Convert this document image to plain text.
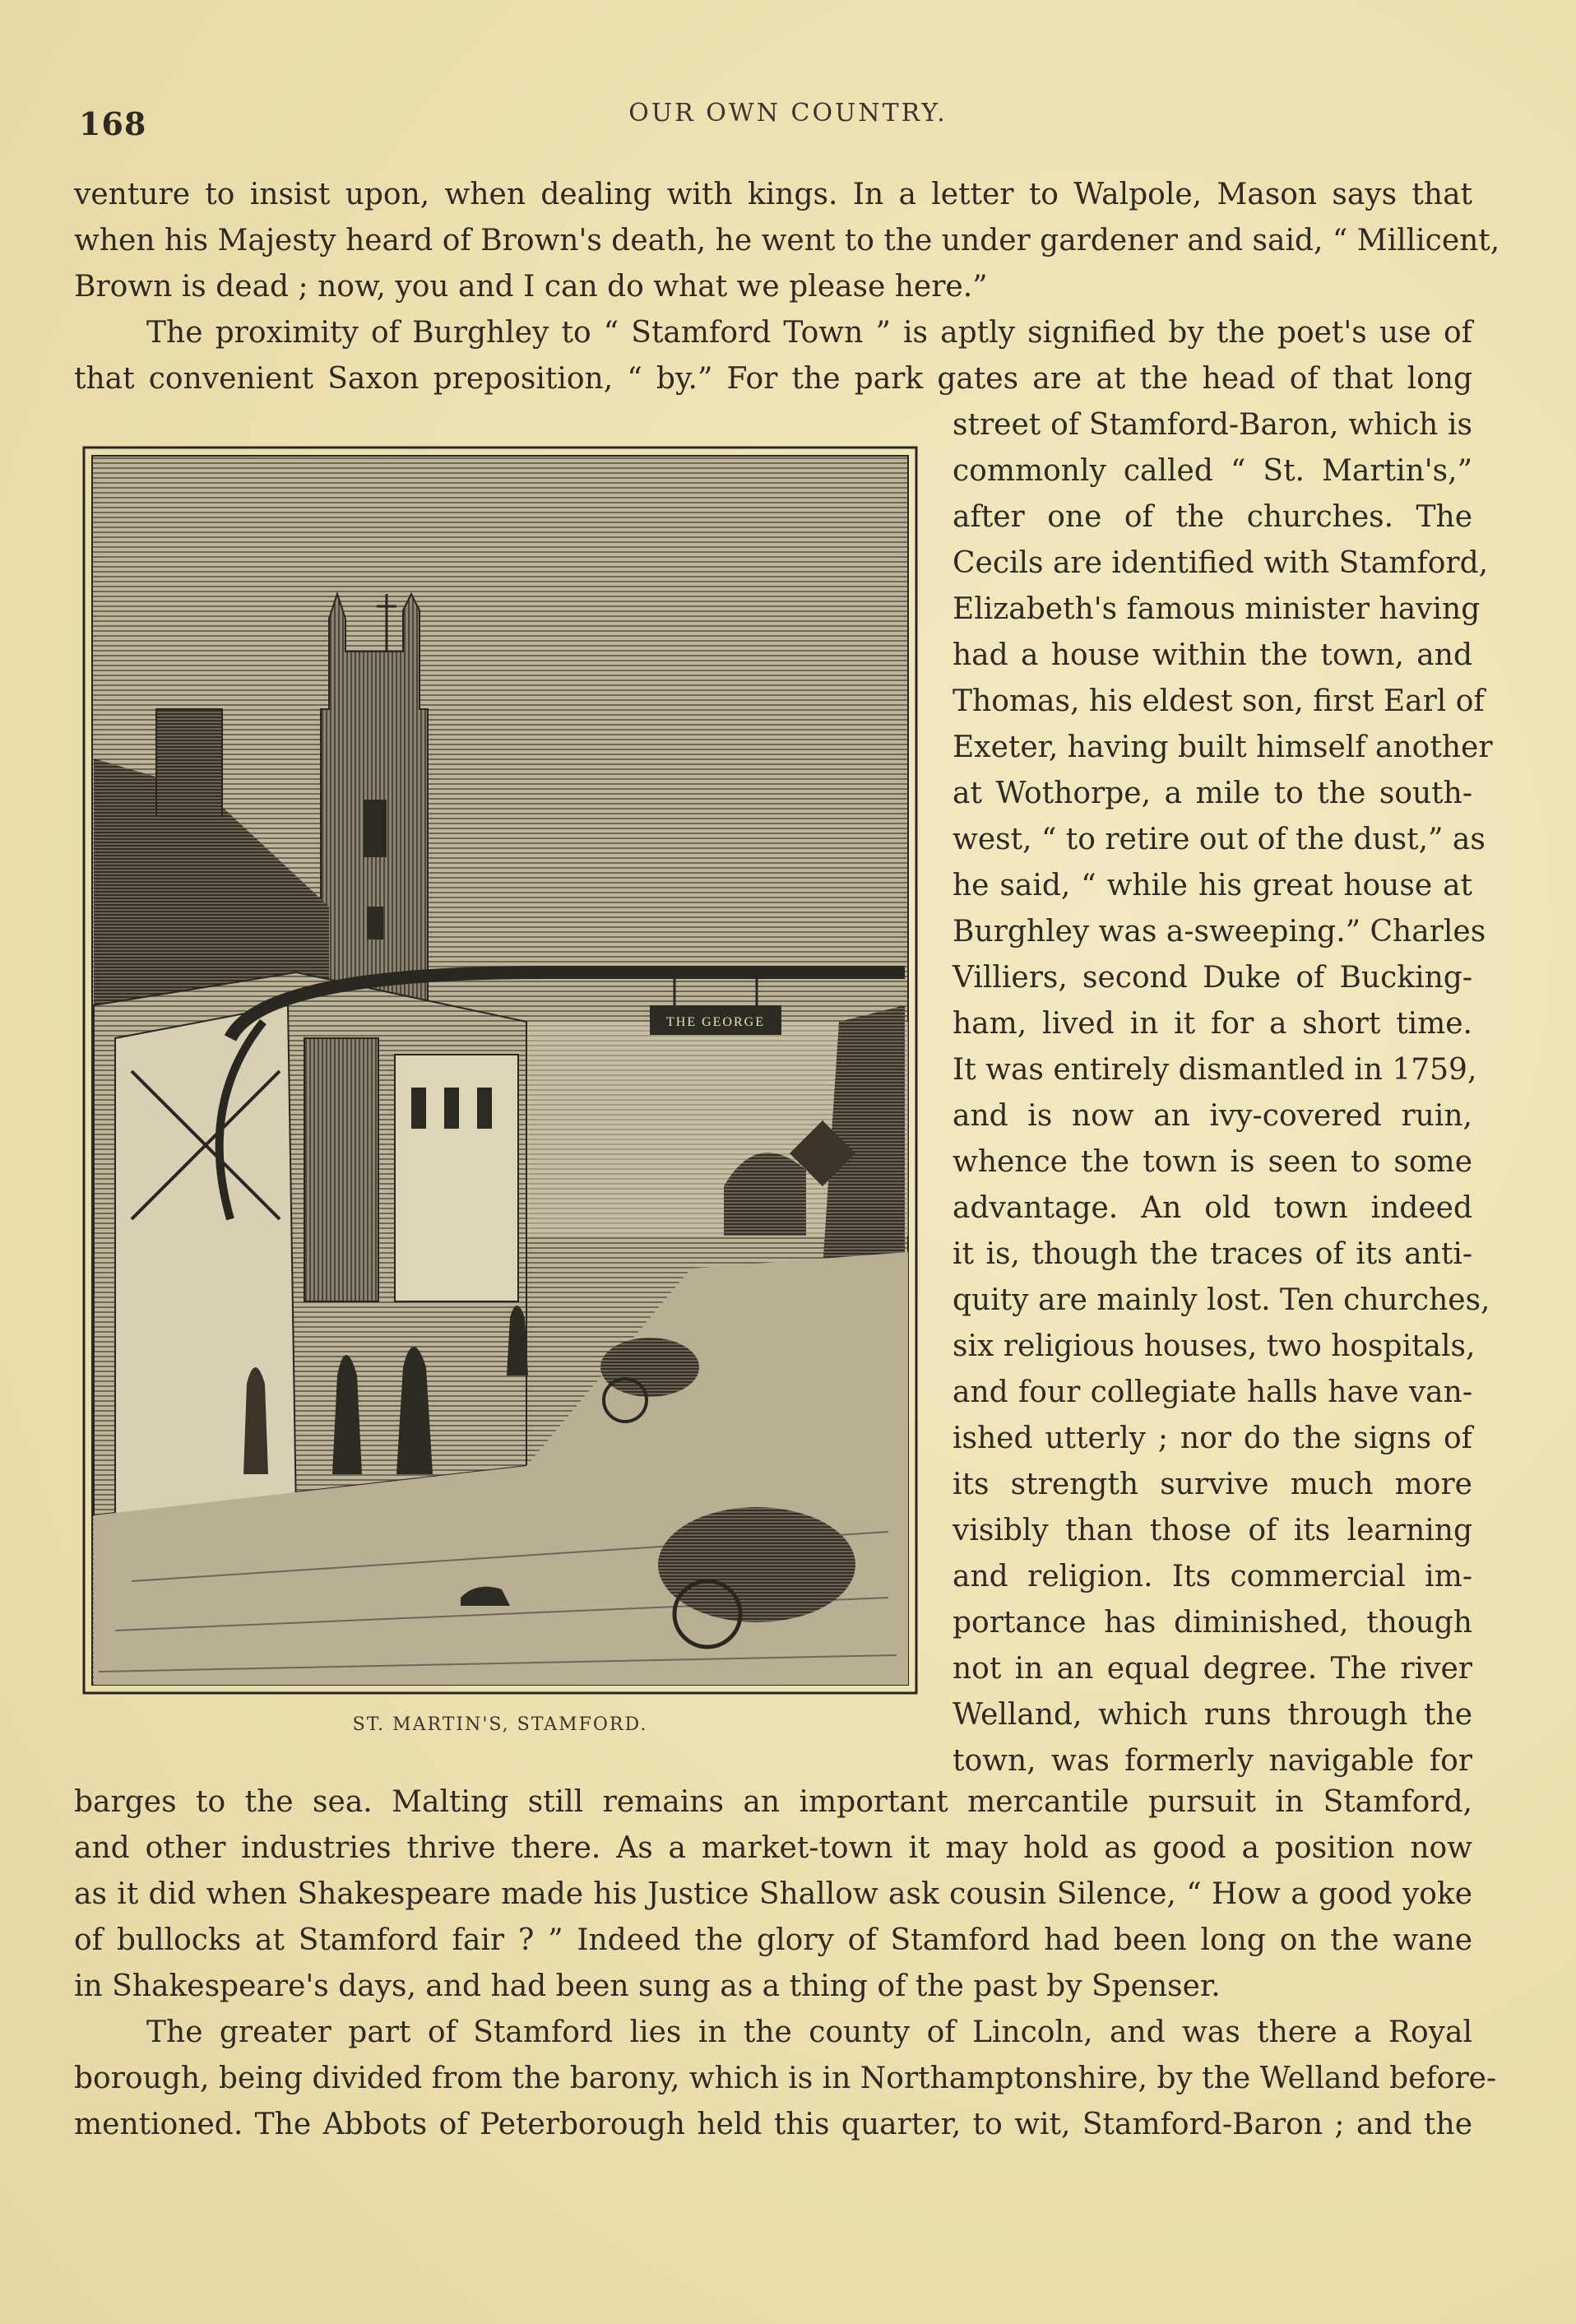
168	OUR OWN COUNTRY.
venture to insist upon, when dealing with kings. In a letter to Walpole, Mason says that
when his Majesty heard of Brown's death, he went to the under gardener and said, “ Millicent,
Brown is dead ; now, you and I can do what we please here.”
The proximity of Burghley to “ Stamford Town ” is aptly signified by the poet's use of
that convenient Saxon preposition, “ by.” For the park gates are at the head of that long
THE GEORGE
ST. MARTIN'S, STAMFORD.
street of Stamford-Baron, which is
commonly called “ St. Martin's,”
after one of the churches. The
Cecils are identified with Stamford,
Elizabeth's famous minister having
had a house within the town, and
Thomas, his eldest son, first Earl of
Exeter, having built himself another
at Wothorpe, a mile to the south-
west, “ to retire out of the dust,” as
he said, “ while his great house at
Burghley was a-sweeping.” Charles
Villiers, second Duke of Bucking-
ham, lived in it for a short time.
It was entirely dismantled in 1759,
and is now an ivy-covered ruin,
whence the town is seen to some
advantage. An old town indeed
it is, though the traces of its anti-
quity are mainly lost. Ten churches,
six religious houses, two hospitals,
and four collegiate halls have van-
ished utterly ; nor do the signs of
its strength survive much more
visibly than those of its learning
and religion. Its commercial im-
portance has diminished, though
not in an equal degree. The river
Welland, which runs through the
town, was formerly navigable for
barges to the sea. Malting still remains an important mercantile pursuit in Stamford,
and other industries thrive there. As a market-town it may hold as good a position now
as it did when Shakespeare made his Justice Shallow ask cousin Silence, “ How a good yoke
of bullocks at Stamford fair ? ” Indeed the glory of Stamford had been long on the wane
in Shakespeare's days, and had been sung as a thing of the past by Spenser.
The greater part of Stamford lies in the county of Lincoln, and was there a Royal
borough, being divided from the barony, which is in Northamptonshire, by the Welland before-
mentioned. The Abbots of Peterborough held this quarter, to wit, Stamford-Baron ; and the
